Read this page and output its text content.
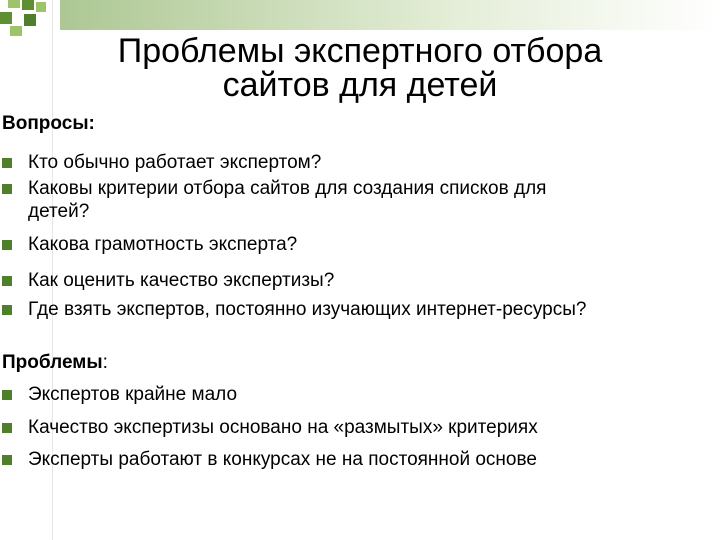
Проблемы экспертного отбора
сайтов для детей
Вопросы:
Кто обычно работает экспертом?
Каковы критерии отбора сайтов для создания списков для
детей?
Какова грамотность эксперта?
Как оценить качество экспертизы?
Где взять экспертов, постоянно изучающих интернет-ресурсы?
Проблемы:
Экспертов крайне мало
Качество экспертизы основано на «размытых» критериях
Эксперты работают в конкурсах не на постоянной основе
